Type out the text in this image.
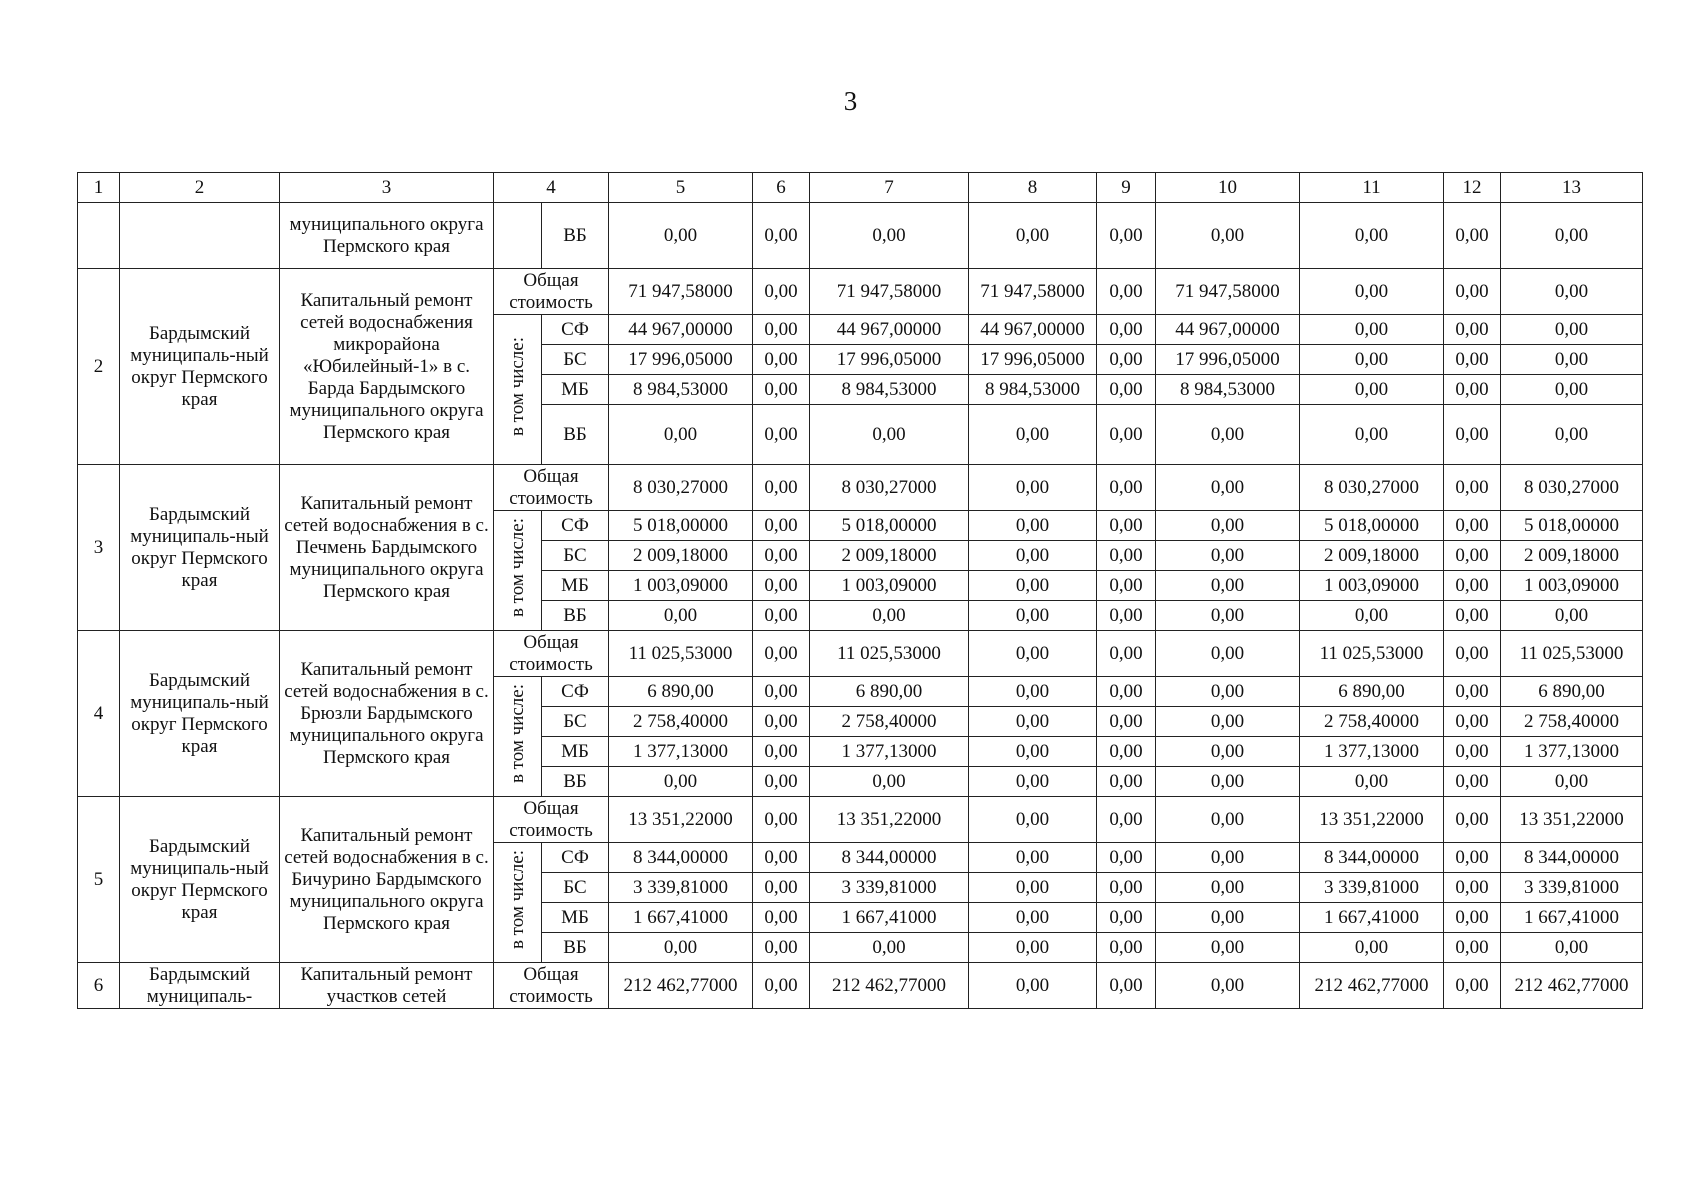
3
1	2	3	4		5	6	7	8	9	10	11	12	13
		муниципального округа Пермского края		ВБ	0,00	0,00	0,00	0,00	0,00	0,00	0,00	0,00	0,00
2	Бардымский муниципаль-ный округ Пермского края	Капитальный ремонт сетей водоснабжения микрорайона «Юбилейный-1» в с. Барда Бардымского муниципального округа Пермского края	Общая стоимость		71 947,58000	0,00	71 947,58000	71 947,58000	0,00	71 947,58000	0,00	0,00	0,00
			в том числе:	СФ	44 967,00000	0,00	44 967,00000	44 967,00000	0,00	44 967,00000	0,00	0,00	0,00
				БС	17 996,05000	0,00	17 996,05000	17 996,05000	0,00	17 996,05000	0,00	0,00	0,00
				МБ	8 984,53000	0,00	8 984,53000	8 984,53000	0,00	8 984,53000	0,00	0,00	0,00
				ВБ	0,00	0,00	0,00	0,00	0,00	0,00	0,00	0,00	0,00
3	Бардымский муниципаль-ный округ Пермского края	Капитальный ремонт сетей водоснабжения в с. Печмень Бардымского муниципального округа Пермского края	Общая стоимость		8 030,27000	0,00	8 030,27000	0,00	0,00	0,00	8 030,27000	0,00	8 030,27000
			в том числе:	СФ	5 018,00000	0,00	5 018,00000	0,00	0,00	0,00	5 018,00000	0,00	5 018,00000
				БС	2 009,18000	0,00	2 009,18000	0,00	0,00	0,00	2 009,18000	0,00	2 009,18000
				МБ	1 003,09000	0,00	1 003,09000	0,00	0,00	0,00	1 003,09000	0,00	1 003,09000
				ВБ	0,00	0,00	0,00	0,00	0,00	0,00	0,00	0,00	0,00
4	Бардымский муниципаль-ный округ Пермского края	Капитальный ремонт сетей водоснабжения в с. Брюзли Бардымского муниципального округа Пермского края	Общая стоимость		11 025,53000	0,00	11 025,53000	0,00	0,00	0,00	11 025,53000	0,00	11 025,53000
			в том числе:	СФ	6 890,00	0,00	6 890,00	0,00	0,00	0,00	6 890,00	0,00	6 890,00
				БС	2 758,40000	0,00	2 758,40000	0,00	0,00	0,00	2 758,40000	0,00	2 758,40000
				МБ	1 377,13000	0,00	1 377,13000	0,00	0,00	0,00	1 377,13000	0,00	1 377,13000
				ВБ	0,00	0,00	0,00	0,00	0,00	0,00	0,00	0,00	0,00
5	Бардымский муниципаль-ный округ Пермского края	Капитальный ремонт сетей водоснабжения в с. Бичурино Бардымского муниципального округа Пермского края	Общая стоимость		13 351,22000	0,00	13 351,22000	0,00	0,00	0,00	13 351,22000	0,00	13 351,22000
			в том числе:	СФ	8 344,00000	0,00	8 344,00000	0,00	0,00	0,00	8 344,00000	0,00	8 344,00000
				БС	3 339,81000	0,00	3 339,81000	0,00	0,00	0,00	3 339,81000	0,00	3 339,81000
				МБ	1 667,41000	0,00	1 667,41000	0,00	0,00	0,00	1 667,41000	0,00	1 667,41000
				ВБ	0,00	0,00	0,00	0,00	0,00	0,00	0,00	0,00	0,00
6	Бардымский муниципаль-	Капитальный ремонт участков сетей	Общая стоимость		212 462,77000	0,00	212 462,77000	0,00	0,00	0,00	212 462,77000	0,00	212 462,77000
